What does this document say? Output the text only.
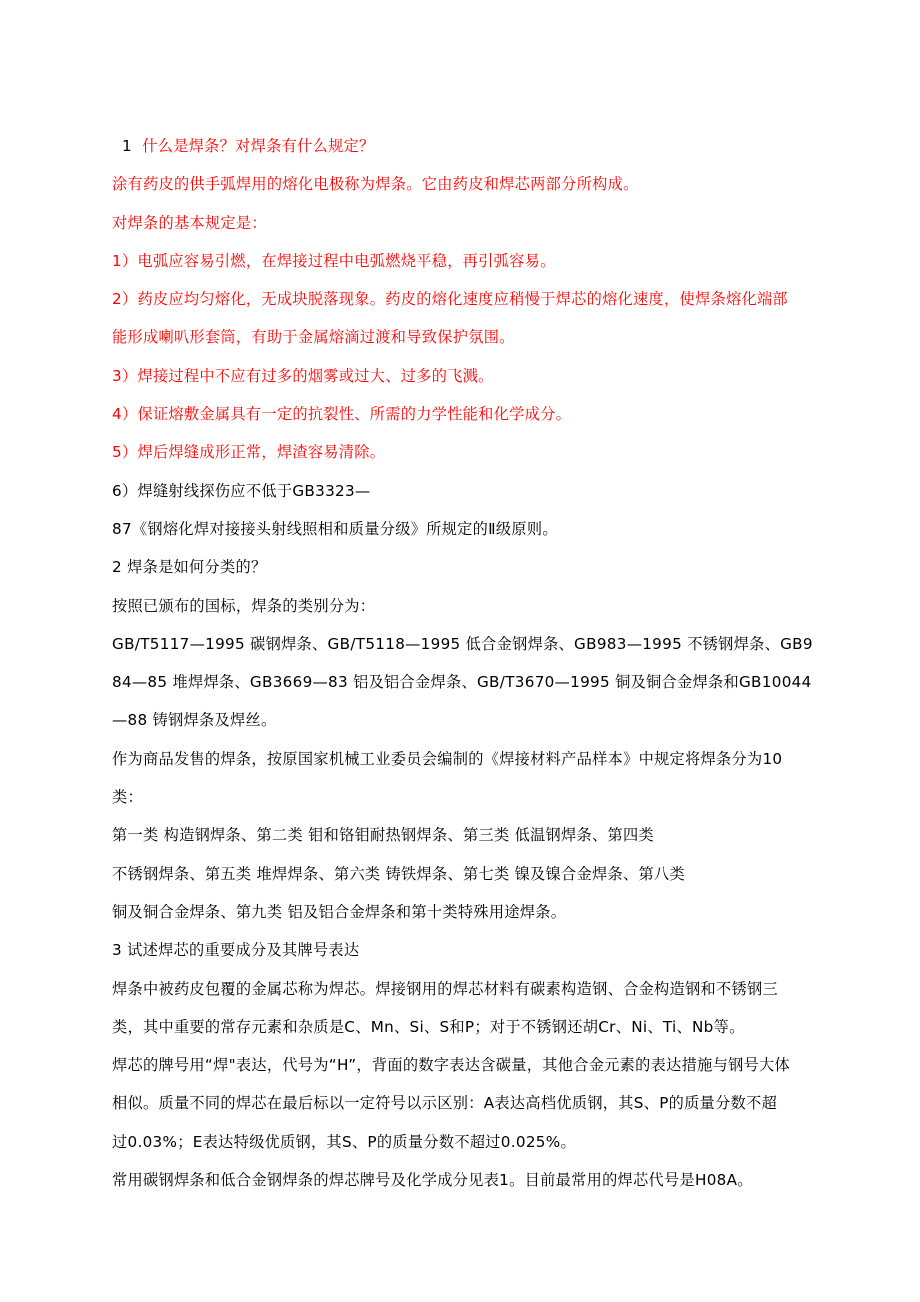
1 什么是焊条？对焊条有什么规定？
涂有药皮的供手弧焊用的熔化电极称为焊条。它由药皮和焊芯两部分所构成。
对焊条的基本规定是：
1）电弧应容易引燃，在焊接过程中电弧燃烧平稳，再引弧容易。
2）药皮应均匀熔化，无成块脱落现象。药皮的熔化速度应稍慢于焊芯的熔化速度，使焊条熔化端部
能形成喇叭形套筒，有助于金属熔滴过渡和导致保护氛围。
3）焊接过程中不应有过多的烟雾或过大、过多的飞溅。
4）保证熔敷金属具有一定的抗裂性、所需的力学性能和化学成分。
5）焊后焊缝成形正常，焊渣容易清除。
6）焊缝射线探伤应不低于GB3323—
87《钢熔化焊对接接头射线照相和质量分级》所规定的Ⅱ级原则。
2 焊条是如何分类的？
按照已颁布的国标，焊条的类别分为：
GB/T5117—1995 碳钢焊条、GB/T5118—1995 低合金钢焊条、GB983—1995 不锈钢焊条、GB9
84—85 堆焊焊条、GB3669—83 铝及铝合金焊条、GB/T3670—1995 铜及铜合金焊条和GB10044
—88 铸钢焊条及焊丝。
作为商品发售的焊条，按原国家机械工业委员会编制的《焊接材料产品样本》中规定将焊条分为10
类：
第一类 构造钢焊条、第二类 钼和铬钼耐热钢焊条、第三类 低温钢焊条、第四类
不锈钢焊条、第五类 堆焊焊条、第六类 铸铁焊条、第七类 镍及镍合金焊条、第八类
铜及铜合金焊条、第九类 铝及铝合金焊条和第十类特殊用途焊条。
3 试述焊芯的重要成分及其牌号表达
焊条中被药皮包覆的金属芯称为焊芯。焊接钢用的焊芯材料有碳素构造钢、合金构造钢和不锈钢三
类，其中重要的常存元素和杂质是C、Mn、Si、S和P；对于不锈钢还胡Cr、Ni、Ti、Nb等。
焊芯的牌号用“焊"表达，代号为“H”，背面的数字表达含碳量，其他合金元素的表达措施与钢号大体
相似。质量不同的焊芯在最后标以一定符号以示区别：A表达高档优质钢，其S、P的质量分数不超
过0.03%；E表达特级优质钢，其S、P的质量分数不超过0.025%。
常用碳钢焊条和低合金钢焊条的焊芯牌号及化学成分见表1。目前最常用的焊芯代号是H08A。
